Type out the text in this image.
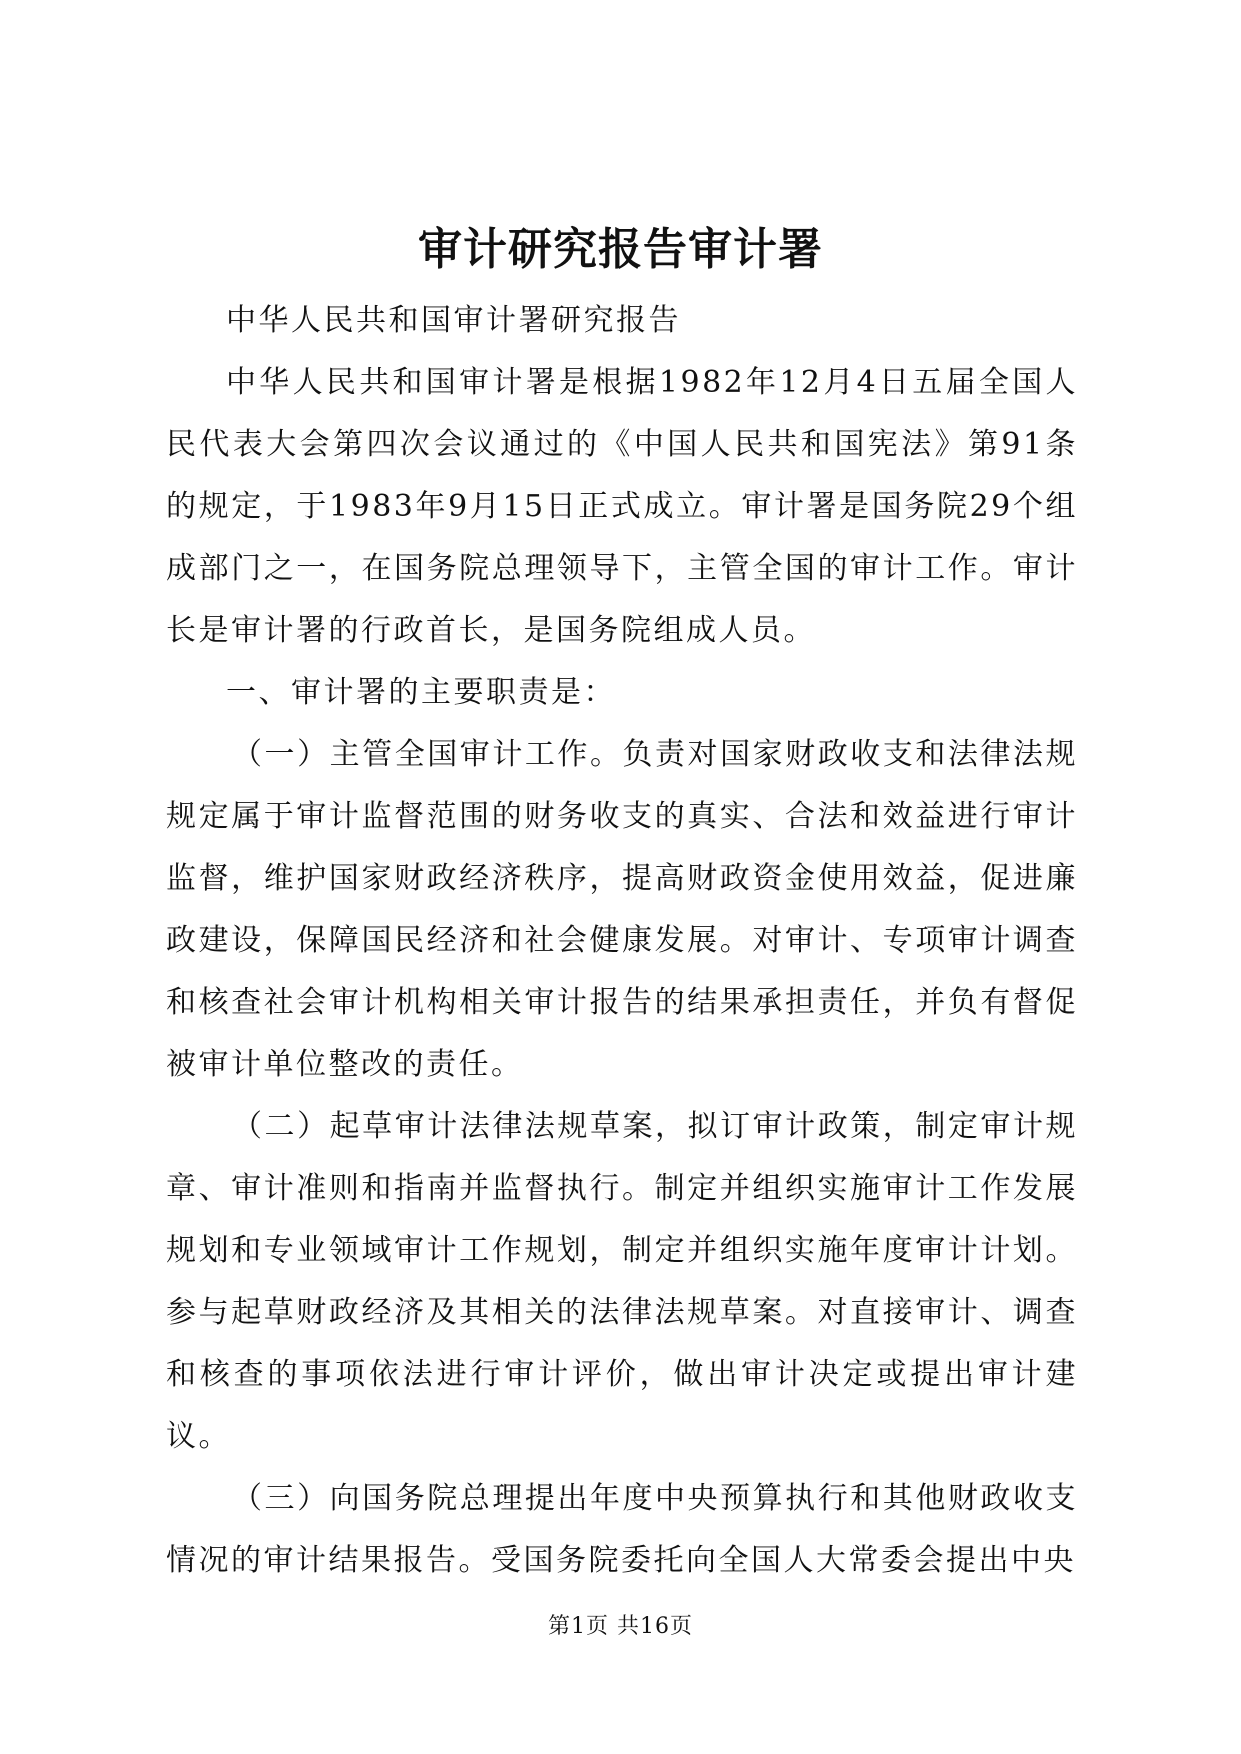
审计研究报告审计署

中华人民共和国审计署研究报告

中华人民共和国审计署是根据1982年12月4日五届全国人民代表大会第四次会议通过的《中国人民共和国宪法》第91条的规定，于1983年9月15日正式成立。审计署是国务院29个组成部门之一，在国务院总理领导下，主管全国的审计工作。审计长是审计署的行政首长，是国务院组成人员。

一、审计署的主要职责是：

（一）主管全国审计工作。负责对国家财政收支和法律法规规定属于审计监督范围的财务收支的真实、合法和效益进行审计监督，维护国家财政经济秩序，提高财政资金使用效益，促进廉政建设，保障国民经济和社会健康发展。对审计、专项审计调查和核查社会审计机构相关审计报告的结果承担责任，并负有督促被审计单位整改的责任。

（二）起草审计法律法规草案，拟订审计政策，制定审计规章、审计准则和指南并监督执行。制定并组织实施审计工作发展规划和专业领域审计工作规划，制定并组织实施年度审计计划。参与起草财政经济及其相关的法律法规草案。对直接审计、调查和核查的事项依法进行审计评价，做出审计决定或提出审计建议。

（三）向国务院总理提出年度中央预算执行和其他财政收支情况的审计结果报告。受国务院委托向全国人大常委会提出中央

第1页 共16页
